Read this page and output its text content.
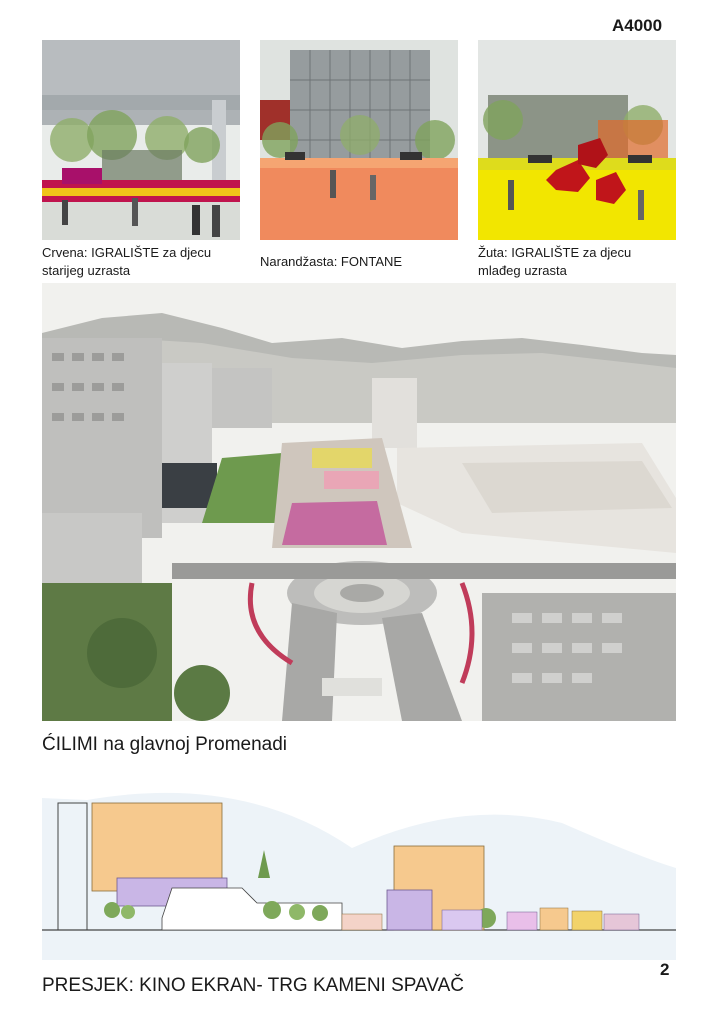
A4000
Crvena: IGRALIŠTE za djecu starijeg uzrasta
Narandžasta: FONTANE
Žuta: IGRALIŠTE za djecu mlađeg uzrasta
ĆILIMI na glavnoj Promenadi
PRESJEK: KINO EKRAN- TRG KAMENI SPAVAČ
2
